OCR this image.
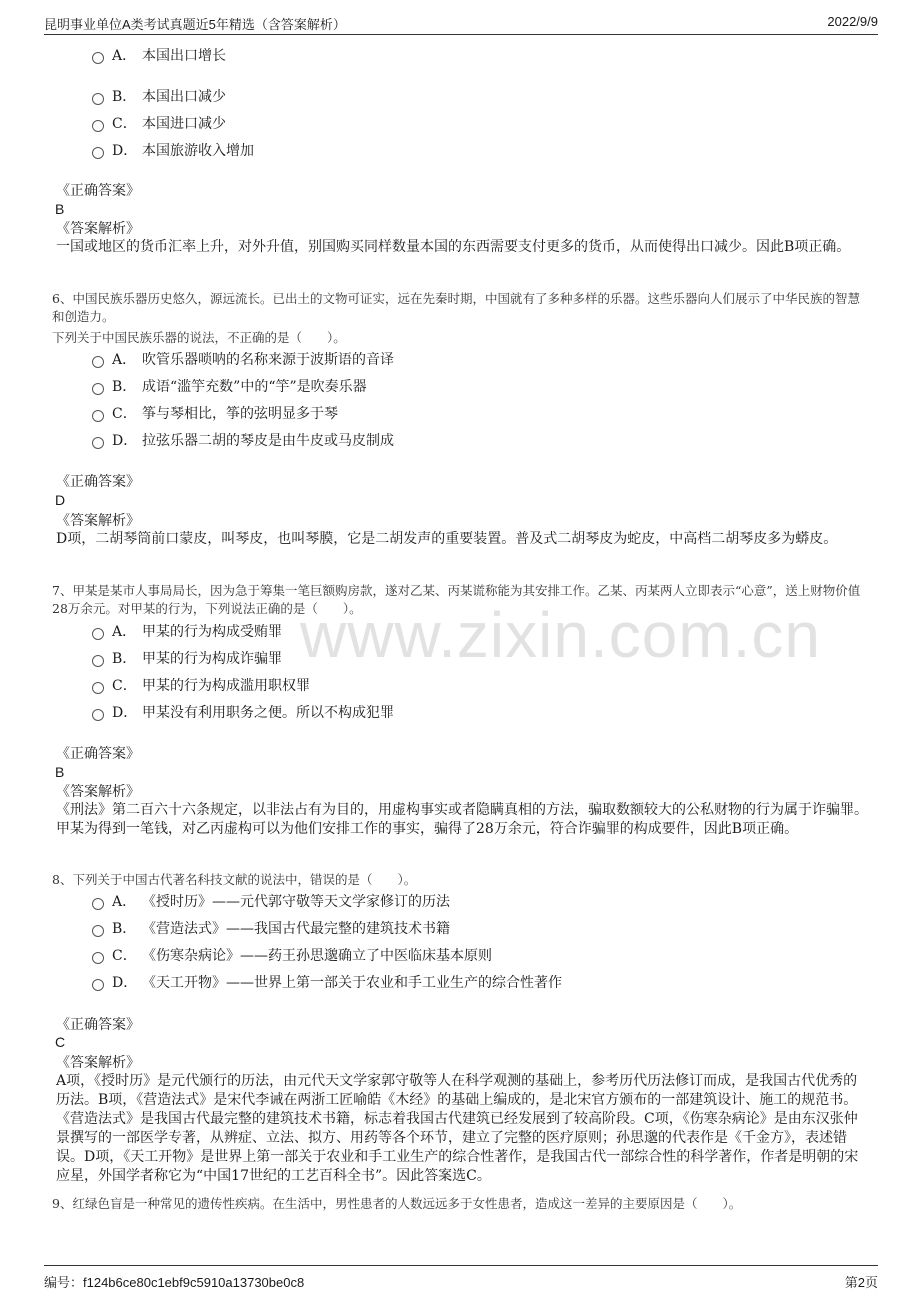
昆明事业单位A类考试真题近5年精选（含答案解析）	2022/9/9
www.zixin.com.cn
A． 本国出口增长
B． 本国出口减少
C． 本国进口减少
D． 本国旅游收入增加
《正确答案》
B
《答案解析》
一国或地区的货币汇率上升，对外升值，别国购买同样数量本国的东西需要支付更多的货币，从而使得出口减少。因此B项正确。
6、中国民族乐器历史悠久，源远流长。已出土的文物可证实，远在先秦时期，中国就有了多种多样的乐器。这些乐器向人们展示了中华民族的智慧和创造力。
下列关于中国民族乐器的说法，不正确的是（　　）。
A． 吹管乐器唢呐的名称来源于波斯语的音译
B． 成语“滥竽充数”中的“竽”是吹奏乐器
C． 筝与琴相比，筝的弦明显多于琴
D． 拉弦乐器二胡的琴皮是由牛皮或马皮制成
《正确答案》
D
《答案解析》
D项，二胡琴筒前口蒙皮，叫琴皮，也叫琴膜，它是二胡发声的重要装置。普及式二胡琴皮为蛇皮，中高档二胡琴皮多为蟒皮。
7、甲某是某市人事局局长，因为急于筹集一笔巨额购房款，遂对乙某、丙某谎称能为其安排工作。乙某、丙某两人立即表示“心意”，送上财物价值28万余元。对甲某的行为，下列说法正确的是（　　）。
A． 甲某的行为构成受贿罪
B． 甲某的行为构成诈骗罪
C． 甲某的行为构成滥用职权罪
D． 甲某没有利用职务之便。所以不构成犯罪
《正确答案》
B
《答案解析》
《刑法》第二百六十六条规定，以非法占有为目的，用虚构事实或者隐瞒真相的方法，骗取数额较大的公私财物的行为属于诈骗罪。甲某为得到一笔钱，对乙丙虚构可以为他们安排工作的事实，骗得了28万余元，符合诈骗罪的构成要件，因此B项正确。
8、下列关于中国古代著名科技文献的说法中，错误的是（　　）。
A． 《授时历》——元代郭守敬等天文学家修订的历法
B． 《营造法式》——我国古代最完整的建筑技术书籍
C． 《伤寒杂病论》——药王孙思邈确立了中医临床基本原则
D． 《天工开物》——世界上第一部关于农业和手工业生产的综合性著作
《正确答案》
C
《答案解析》
A项，《授时历》是元代颁行的历法，由元代天文学家郭守敬等人在科学观测的基础上，参考历代历法修订而成，是我国古代优秀的历法。B项，《营造法式》是宋代李诫在两浙工匠喻皓《木经》的基础上编成的，是北宋官方颁布的一部建筑设计、施工的规范书。《营造法式》是我国古代最完整的建筑技术书籍，标志着我国古代建筑已经发展到了较高阶段。C项，《伤寒杂病论》是由东汉张仲景撰写的一部医学专著，从辨症、立法、拟方、用药等各个环节，建立了完整的医疗原则；孙思邈的代表作是《千金方》，表述错误。D项，《天工开物》是世界上第一部关于农业和手工业生产的综合性著作，是我国古代一部综合性的科学著作，作者是明朝的宋应星，外国学者称它为“中国17世纪的工艺百科全书”。因此答案选C。
9、红绿色盲是一种常见的遗传性疾病。在生活中，男性患者的人数远远多于女性患者，造成这一差异的主要原因是（　　）。
编号：f124b6ce80c1ebf9c5910a13730be0c8	第2页
